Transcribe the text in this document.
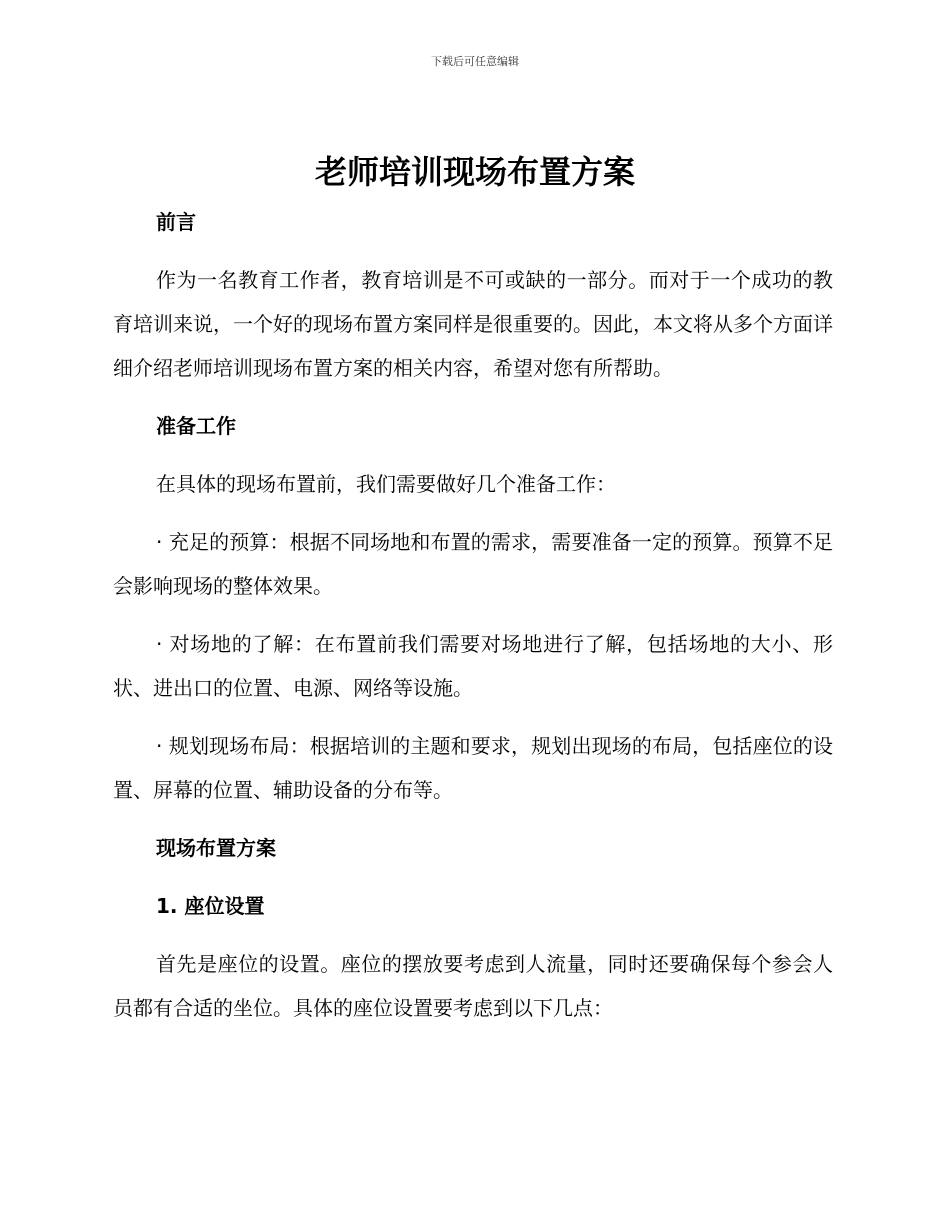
下载后可任意编辑
老师培训现场布置方案
前言

作为一名教育工作者，教育培训是不可或缺的一部分。而对于一个成功的教育培训来说，一个好的现场布置方案同样是很重要的。因此，本文将从多个方面详细介绍老师培训现场布置方案的相关内容，希望对您有所帮助。

准备工作

在具体的现场布置前，我们需要做好几个准备工作：

· 充足的预算：根据不同场地和布置的需求，需要准备一定的预算。预算不足会影响现场的整体效果。

· 对场地的了解：在布置前我们需要对场地进行了解，包括场地的大小、形状、进出口的位置、电源、网络等设施。

· 规划现场布局：根据培训的主题和要求，规划出现场的布局，包括座位的设置、屏幕的位置、辅助设备的分布等。

现场布置方案
1. 座位设置

首先是座位的设置。座位的摆放要考虑到人流量，同时还要确保每个参会人员都有合适的坐位。具体的座位设置要考虑到以下几点：
